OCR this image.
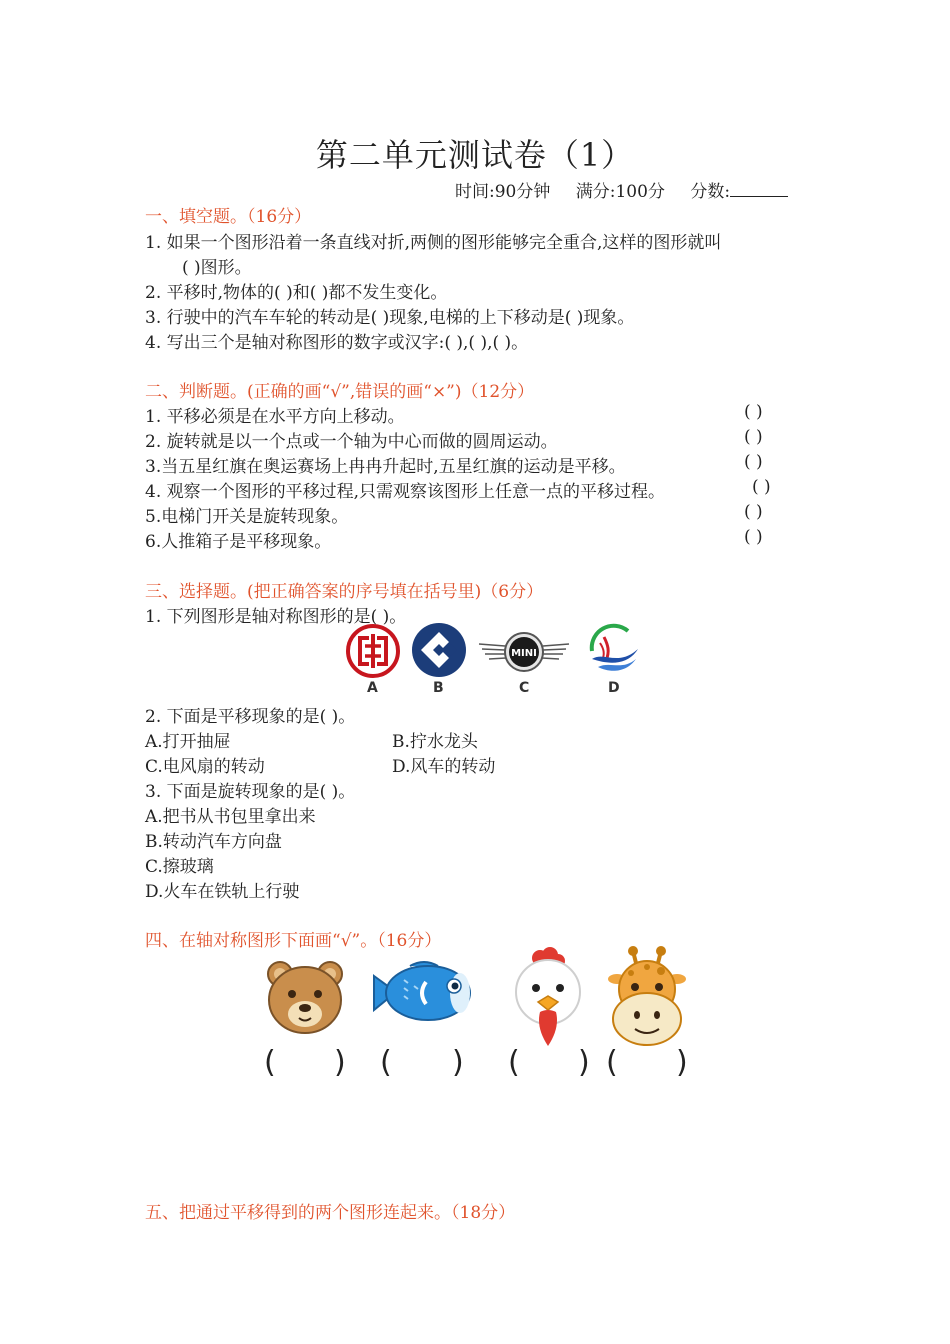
第二单元测试卷（1）
时间:90分钟 满分:100分 分数:
一、填空题。（16分）
1. 如果一个图形沿着一条直线对折,两侧的图形能够完全重合,这样的图形就叫
( )图形。
2. 平移时,物体的( )和( )都不发生变化。
3. 行驶中的汽车车轮的转动是( )现象,电梯的上下移动是( )现象。
4. 写出三个是轴对称图形的数字或汉字:( ),( ),( )。
二、判断题。(正确的画“√”,错误的画“×”)（12分）
1. 平移必须是在水平方向上移动。	( )
2. 旋转就是以一个点或一个轴为中心而做的圆周运动。	( )
3.当五星红旗在奥运赛场上冉冉升起时,五星红旗的运动是平移。	( )
4. 观察一个图形的平移过程,只需观察该图形上任意一点的平移过程。	( )
5.电梯门开关是旋转现象。	( )
6.人推箱子是平移现象。	( )
三、选择题。(把正确答案的序号填在括号里)（6分）
1. 下列图形是轴对称图形的是( )。
A	B
MINI
C	D
2. 下面是平移现象的是( )。
A.打开抽屉	B.拧水龙头
C.电风扇的转动	D.风车的转动
3. 下面是旋转现象的是( )。
A.把书从书包里拿出来
B.转动汽车方向盘
C.擦玻璃
D.火车在铁轨上行驶
四、在轴对称图形下面画“√”。（16分）
( ) ( ) ( ) ( )
五、把通过平移得到的两个图形连起来。（18分）
